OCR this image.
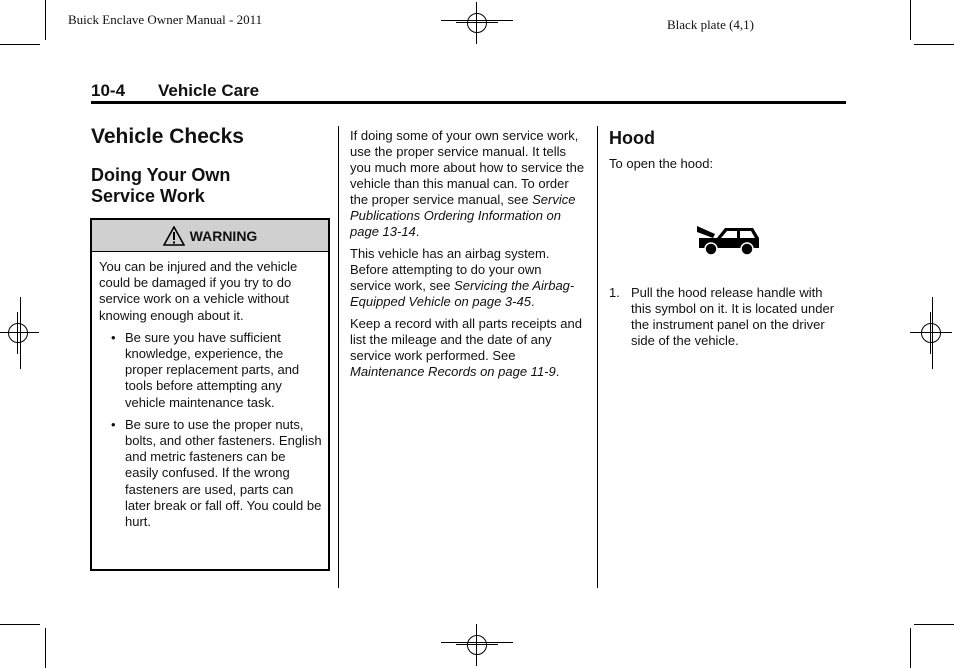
Buick Enclave Owner Manual - 2011	Black plate (4,1)
10-4 Vehicle Care
Vehicle Checks
Doing Your Own
Service Work
WARNING
You can be injured and the vehicle could be damaged if you try to do service work on a vehicle without knowing enough about it.
• Be sure you have sufficient knowledge, experience, the proper replacement parts, and tools before attempting any vehicle maintenance task.
• Be sure to use the proper nuts, bolts, and other fasteners. English and metric fasteners can be easily confused. If the wrong fasteners are used, parts can later break or fall off. You could be hurt.

If doing some of your own service work, use the proper service manual. It tells you much more about how to service the vehicle than this manual can. To order the proper service manual, see Service Publications Ordering Information on page 13-14.

This vehicle has an airbag system. Before attempting to do your own service work, see Servicing the Airbag-Equipped Vehicle on page 3-45.

Keep a record with all parts receipts and list the mileage and the date of any service work performed. See Maintenance Records on page 11-9.

Hood
To open the hood:
1. Pull the hood release handle with this symbol on it. It is located under the instrument panel on the driver side of the vehicle.
